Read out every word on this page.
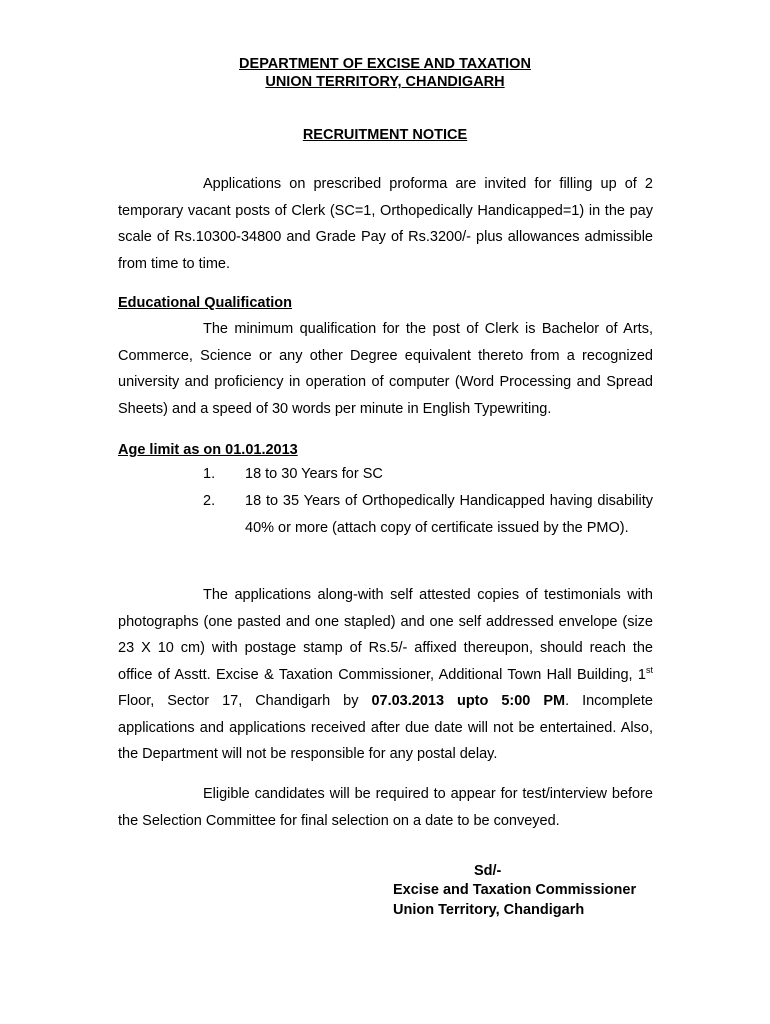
DEPARTMENT OF EXCISE AND TAXATION
UNION TERRITORY, CHANDIGARH
RECRUITMENT NOTICE
Applications on prescribed proforma are invited for filling up of 2 temporary vacant posts of Clerk (SC=1, Orthopedically Handicapped=1) in the pay scale of Rs.10300-34800 and Grade Pay of Rs.3200/- plus allowances admissible from time to time.
Educational Qualification
The minimum qualification for the post of Clerk is Bachelor of Arts, Commerce, Science or any other Degree equivalent thereto from a recognized university and proficiency in operation of computer (Word Processing and Spread Sheets) and a speed of 30 words per minute in English Typewriting.
Age limit as on 01.01.2013
1.	18 to 30 Years for SC
2.	18 to 35 Years of Orthopedically Handicapped having disability 40% or more (attach copy of certificate issued by the PMO).
The applications along-with self attested copies of testimonials with photographs (one pasted and one stapled) and one self addressed envelope (size 23 X 10 cm) with postage stamp of Rs.5/- affixed thereupon, should reach the office of Asstt. Excise & Taxation Commissioner, Additional Town Hall Building, 1st Floor, Sector 17, Chandigarh by 07.03.2013 upto 5:00 PM. Incomplete applications and applications received after due date will not be entertained. Also, the Department will not be responsible for any postal delay.
Eligible candidates will be required to appear for test/interview before the Selection Committee for final selection on a date to be conveyed.
Sd/-
Excise and Taxation Commissioner
Union Territory, Chandigarh
